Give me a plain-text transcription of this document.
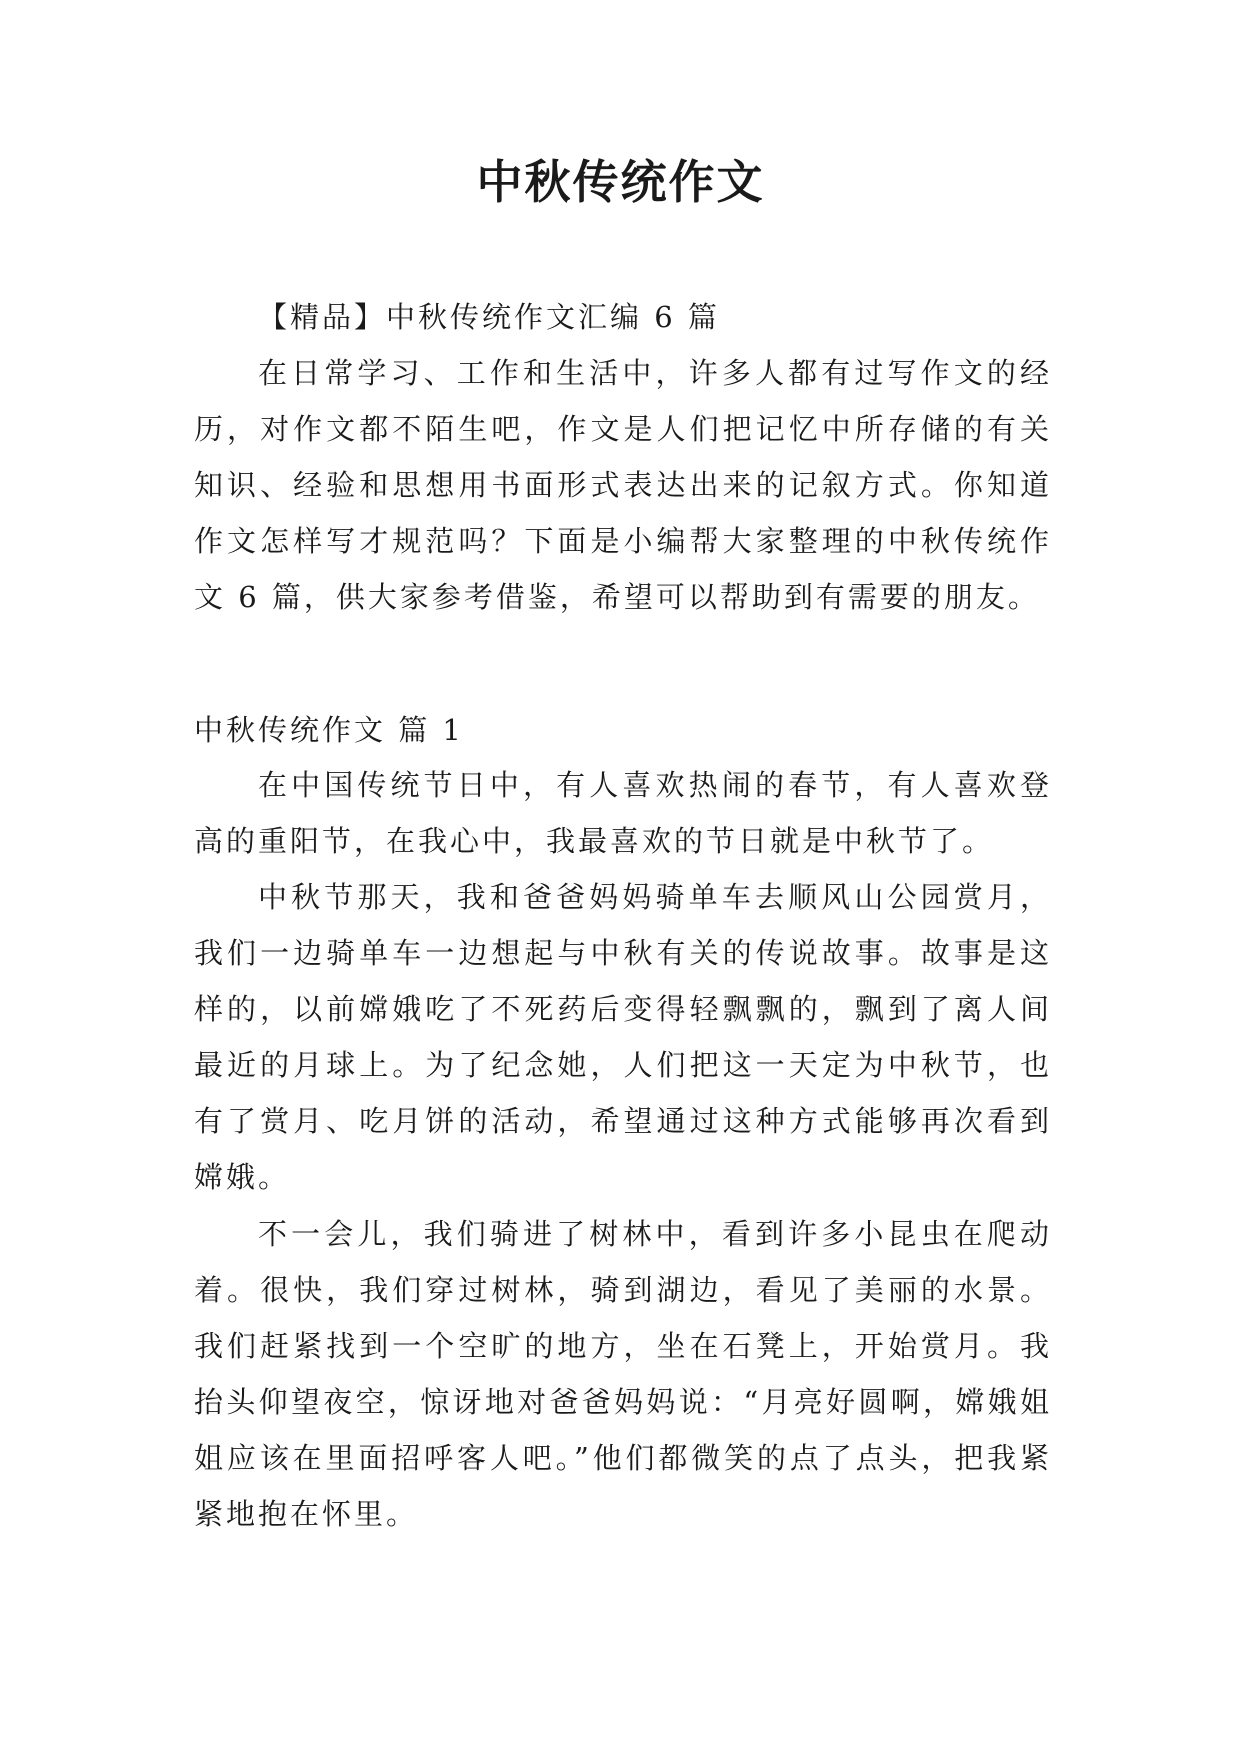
中秋传统作文

【精品】中秋传统作文汇编 6 篇

在日常学习、工作和生活中，许多人都有过写作文的经历，对作文都不陌生吧，作文是人们把记忆中所存储的有关知识、经验和思想用书面形式表达出来的记叙方式。你知道作文怎样写才规范吗？下面是小编帮大家整理的中秋传统作文 6 篇，供大家参考借鉴，希望可以帮助到有需要的朋友。

中秋传统作文 篇 1

在中国传统节日中，有人喜欢热闹的春节，有人喜欢登高的重阳节，在我心中，我最喜欢的节日就是中秋节了。

中秋节那天，我和爸爸妈妈骑单车去顺风山公园赏月，我们一边骑单车一边想起与中秋有关的传说故事。故事是这样的，以前嫦娥吃了不死药后变得轻飘飘的，飘到了离人间最近的月球上。为了纪念她，人们把这一天定为中秋节，也有了赏月、吃月饼的活动，希望通过这种方式能够再次看到嫦娥。

不一会儿，我们骑进了树林中，看到许多小昆虫在爬动着。很快，我们穿过树林，骑到湖边，看见了美丽的水景。我们赶紧找到一个空旷的地方，坐在石凳上，开始赏月。我抬头仰望夜空，惊讶地对爸爸妈妈说：“月亮好圆啊，嫦娥姐姐应该在里面招呼客人吧。”他们都微笑的点了点头，把我紧紧地抱在怀里。
